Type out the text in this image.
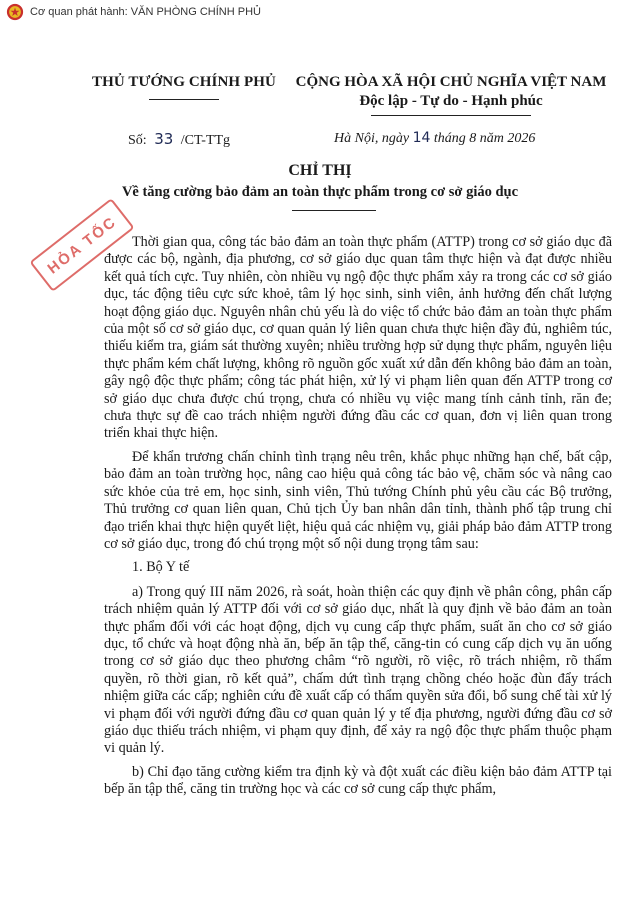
Cơ quan phát hành: VĂN PHÒNG CHÍNH PHỦ
THỦ TƯỚNG CHÍNH PHỦ	CỘNG HÒA XÃ HỘI CHỦ NGHĨA VIỆT NAM
Độc lập - Tự do - Hạnh phúc
Số: 33 /CT-TTg	Hà Nội, ngày 14 tháng 8 năm 2026
CHỈ THỊ
Về tăng cường bảo đảm an toàn thực phẩm trong cơ sở giáo dục
HỎA TỐC Thời gian qua, công tác bảo đảm an toàn thực phẩm (ATTP) trong cơ sở giáo dục đã được các bộ, ngành, địa phương, cơ sở giáo dục quan tâm thực hiện và đạt được nhiều kết quả tích cực. Tuy nhiên, còn nhiều vụ ngộ độc thực phẩm xảy ra trong các cơ sở giáo dục, tác động tiêu cực sức khoẻ, tâm lý học sinh, sinh viên, ảnh hưởng đến chất lượng hoạt động giáo dục. Nguyên nhân chủ yếu là do việc tổ chức bảo đảm an toàn thực phẩm của một số cơ sở giáo dục, cơ quan quản lý liên quan chưa thực hiện đầy đủ, nghiêm túc, thiếu kiểm tra, giám sát thường xuyên; nhiều trường hợp sử dụng thực phẩm, nguyên liệu thực phẩm kém chất lượng, không rõ nguồn gốc xuất xứ dẫn đến không bảo đảm an toàn, gây ngộ độc thực phẩm; công tác phát hiện, xử lý vi phạm liên quan đến ATTP trong cơ sở giáo dục chưa được chú trọng, chưa có nhiều vụ việc mang tính cảnh tỉnh, răn đe; chưa thực sự đề cao trách nhiệm người đứng đầu các cơ quan, đơn vị liên quan trong triển khai thực hiện.

Để khẩn trương chấn chỉnh tình trạng nêu trên, khắc phục những hạn chế, bất cập, bảo đảm an toàn trường học, nâng cao hiệu quả công tác bảo vệ, chăm sóc và nâng cao sức khỏe của trẻ em, học sinh, sinh viên, Thủ tướng Chính phủ yêu cầu các Bộ trưởng, Thủ trưởng cơ quan liên quan, Chủ tịch Ủy ban nhân dân tỉnh, thành phố tập trung chỉ đạo triển khai thực hiện quyết liệt, hiệu quả các nhiệm vụ, giải pháp bảo đảm ATTP trong cơ sở giáo dục, trong đó chú trọng một số nội dung trọng tâm sau:

1. Bộ Y tế

a) Trong quý III năm 2026, rà soát, hoàn thiện các quy định về phân công, phân cấp trách nhiệm quản lý ATTP đối với cơ sở giáo dục, nhất là quy định về bảo đảm an toàn thực phẩm đối với các hoạt động, dịch vụ cung cấp thực phẩm, suất ăn cho cơ sở giáo dục, tổ chức và hoạt động nhà ăn, bếp ăn tập thể, căng-tin có cung cấp dịch vụ ăn uống trong cơ sở giáo dục theo phương châm “rõ người, rõ việc, rõ trách nhiệm, rõ thẩm quyền, rõ thời gian, rõ kết quả”, chấm dứt tình trạng chồng chéo hoặc đùn đẩy trách nhiệm giữa các cấp; nghiên cứu đề xuất cấp có thẩm quyền sửa đổi, bổ sung chế tài xử lý vi phạm đối với người đứng đầu cơ quan quản lý y tế địa phương, người đứng đầu cơ sở giáo dục thiếu trách nhiệm, vi phạm quy định, để xảy ra ngộ độc thực phẩm thuộc phạm vi quản lý.

b) Chỉ đạo tăng cường kiểm tra định kỳ và đột xuất các điều kiện bảo đảm ATTP tại bếp ăn tập thể, căng tin trường học và các cơ sở cung cấp thực phẩm,
